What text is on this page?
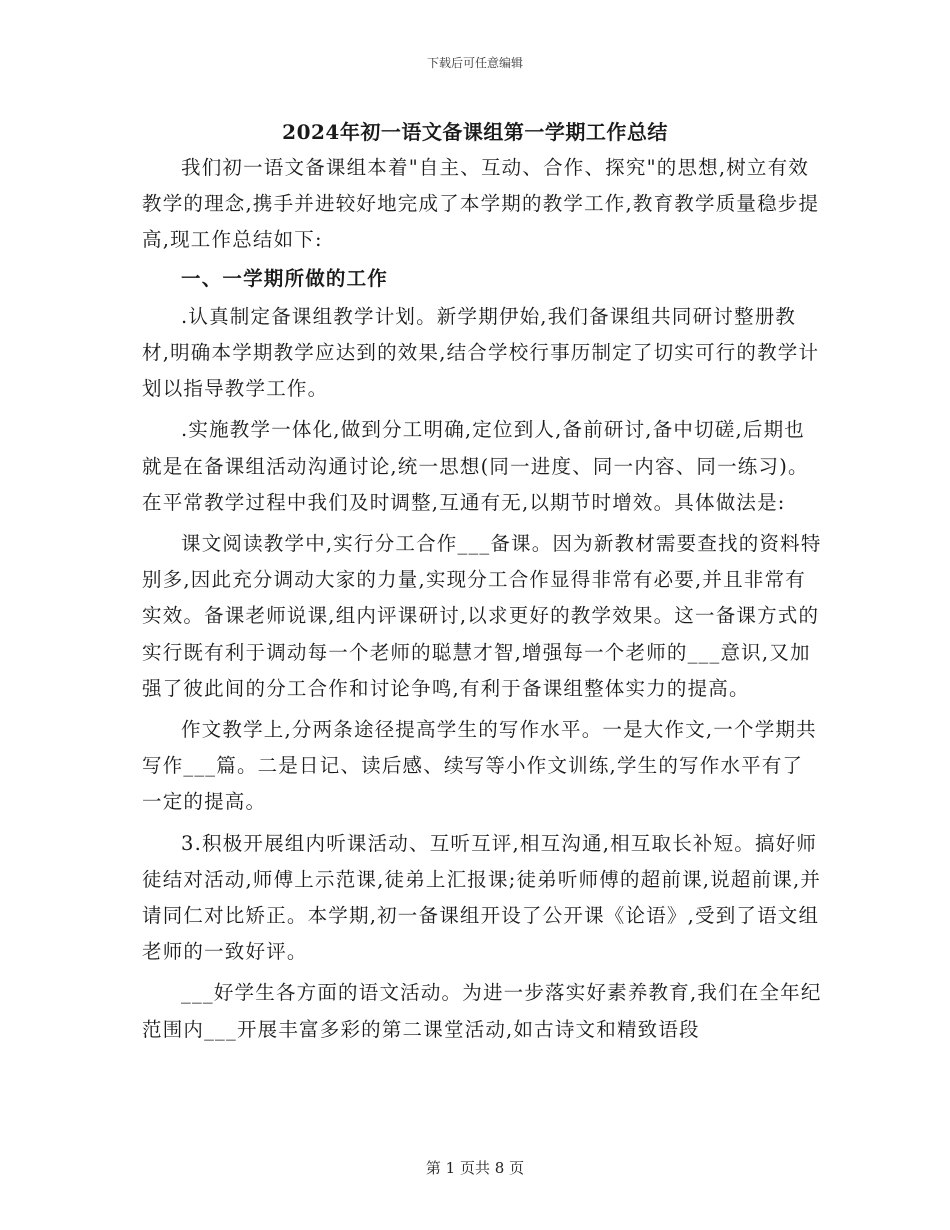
下载后可任意编辑
2024年初一语文备课组第一学期工作总结

我们初一语文备课组本着"自主、互动、合作、探究"的思想,树立有效教学的理念,携手并进较好地完成了本学期的教学工作,教育教学质量稳步提高,现工作总结如下:

一、一学期所做的工作

.认真制定备课组教学计划。新学期伊始,我们备课组共同研讨整册教材,明确本学期教学应达到的效果,结合学校行事历制定了切实可行的教学计划以指导教学工作。

.实施教学一体化,做到分工明确,定位到人,备前研讨,备中切磋,后期也就是在备课组活动沟通讨论,统一思想(同一进度、同一内容、同一练习)。在平常教学过程中我们及时调整,互通有无,以期节时增效。具体做法是:

课文阅读教学中,实行分工合作___备课。因为新教材需要查找的资料特别多,因此充分调动大家的力量,实现分工合作显得非常有必要,并且非常有实效。备课老师说课,组内评课研讨,以求更好的教学效果。这一备课方式的实行既有利于调动每一个老师的聪慧才智,增强每一个老师的___意识,又加强了彼此间的分工合作和讨论争鸣,有利于备课组整体实力的提高。

作文教学上,分两条途径提高学生的写作水平。一是大作文,一个学期共写作___篇。二是日记、读后感、续写等小作文训练,学生的写作水平有了一定的提高。

3.积极开展组内听课活动、互听互评,相互沟通,相互取长补短。搞好师徒结对活动,师傅上示范课,徒弟上汇报课;徒弟听师傅的超前课,说超前课,并请同仁对比矫正。本学期,初一备课组开设了公开课《论语》,受到了语文组老师的一致好评。

___好学生各方面的语文活动。为进一步落实好素养教育,我们在全年纪范围内___开展丰富多彩的第二课堂活动,如古诗文和精致语段

第 1 页共 8 页
